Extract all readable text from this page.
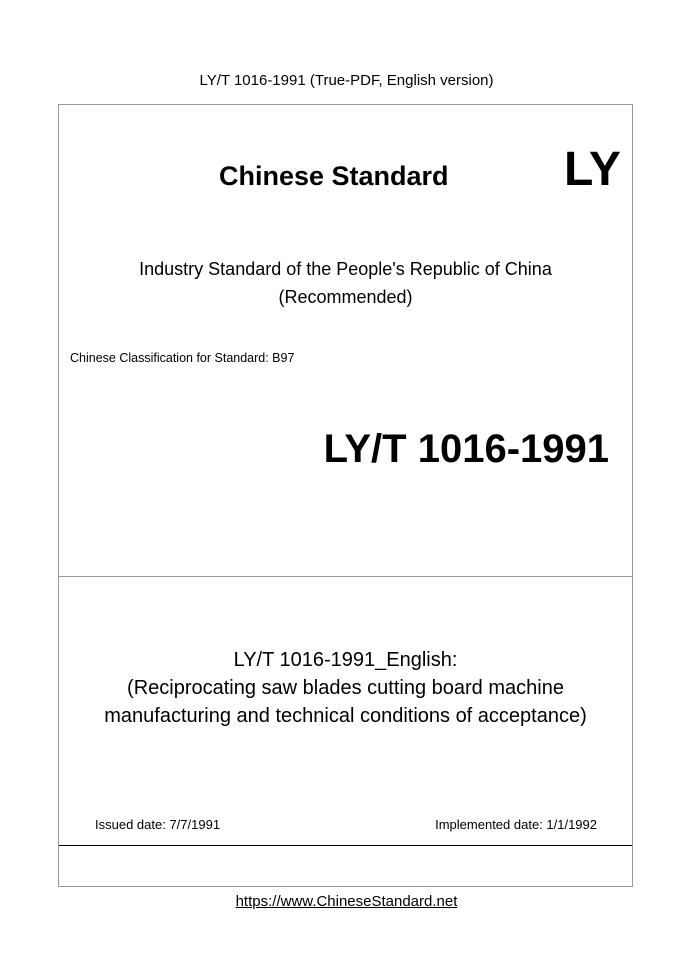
LY/T 1016-1991 (True-PDF, English version)
Chinese Standard LY
Industry Standard of the People's Republic of China
(Recommended)
Chinese Classification for Standard: B97
LY/T 1016-1991
LY/T 1016-1991_English:
(Reciprocating saw blades cutting board machine
manufacturing and technical conditions of acceptance)
Issued date: 7/7/1991	Implemented date: 1/1/1992
https://www.ChineseStandard.net
